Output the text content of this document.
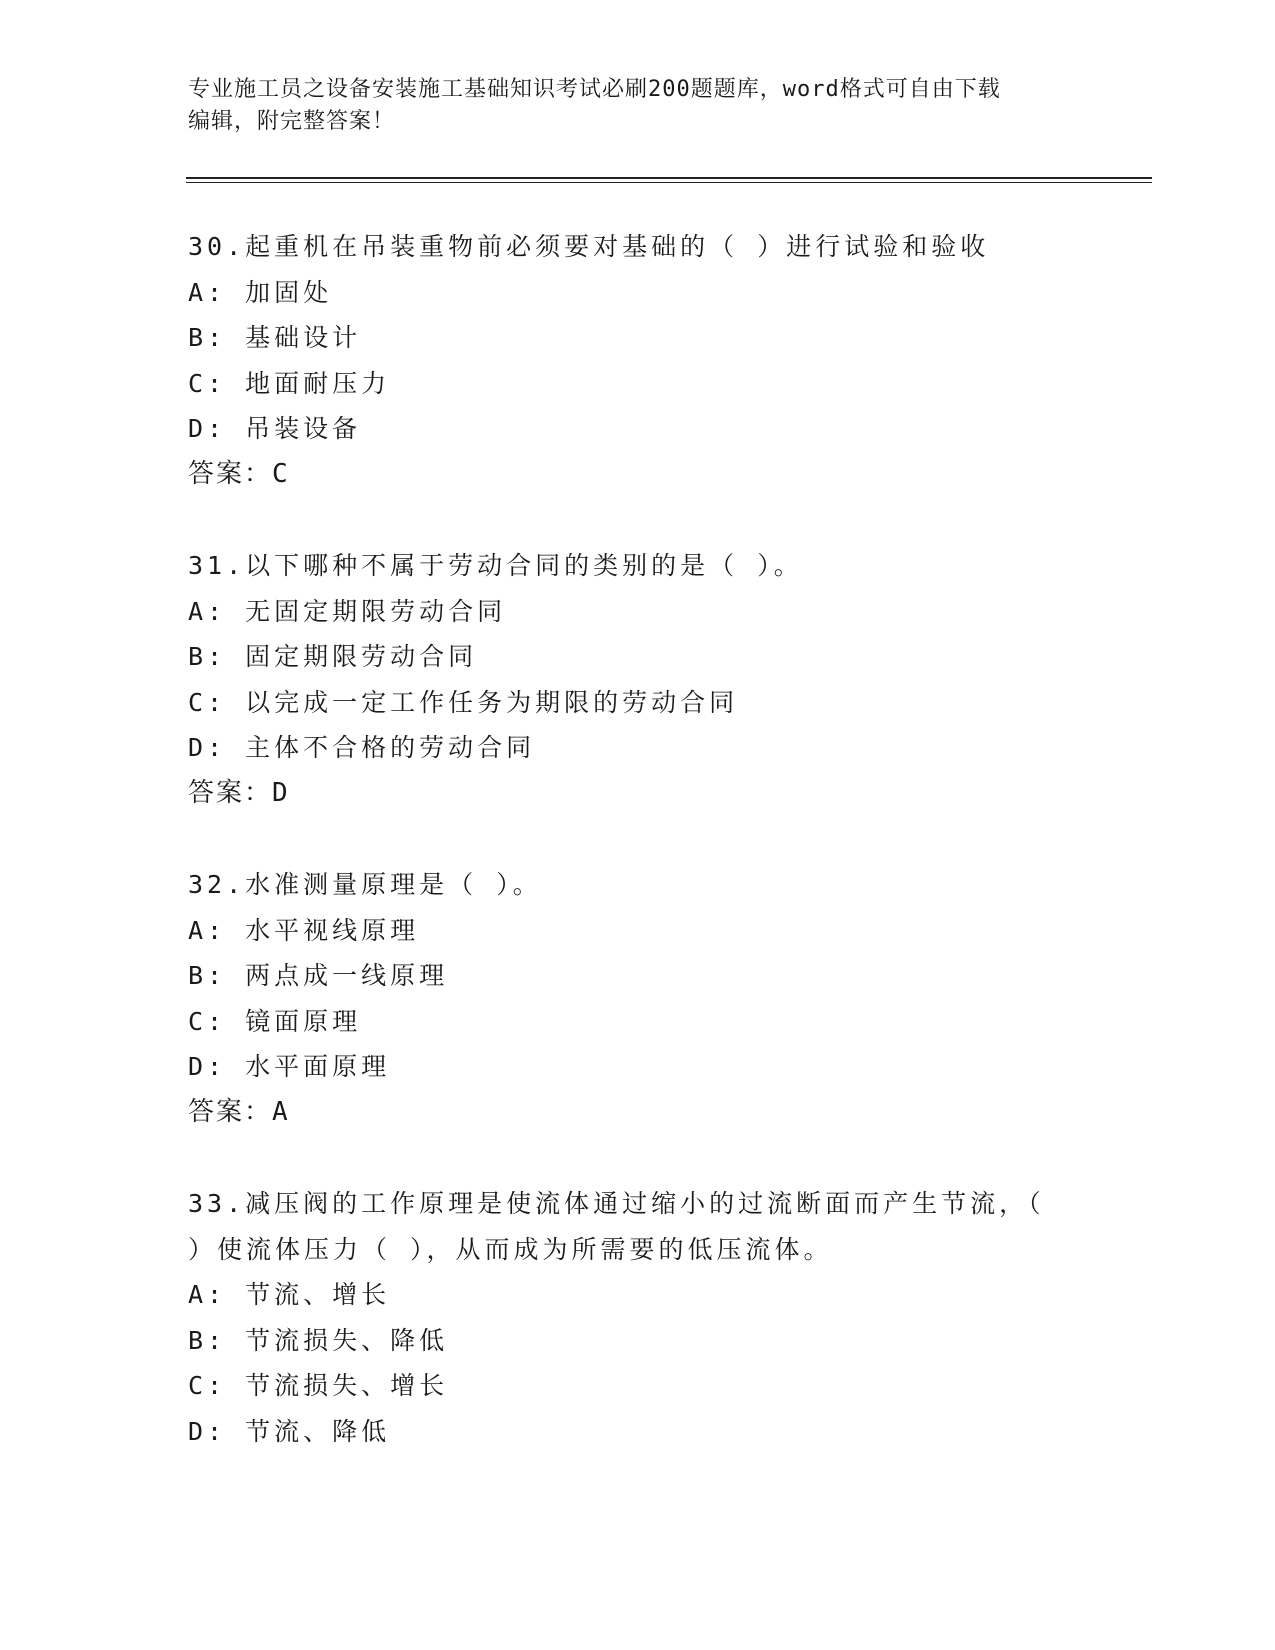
专业施工员之设备安装施工基础知识考试必刷200题题库，word格式可自由下载
编辑，附完整答案！

30.起重机在吊装重物前必须要对基础的（ ）进行试验和验收

A: 加固处

B: 基础设计

C: 地面耐压力

D: 吊装设备

答案：C

31.以下哪种不属于劳动合同的类别的是（ ）。

A: 无固定期限劳动合同

B: 固定期限劳动合同

C: 以完成一定工作任务为期限的劳动合同

D: 主体不合格的劳动合同

答案：D

32.水准测量原理是（ ）。

A: 水平视线原理

B: 两点成一线原理

C: 镜面原理

D: 水平面原理

答案：A

33.减压阀的工作原理是使流体通过缩小的过流断面而产生节流，（ ）使流体压力（ ），从而成为所需要的低压流体。

A: 节流、增长

B: 节流损失、降低

C: 节流损失、增长

D: 节流、降低
